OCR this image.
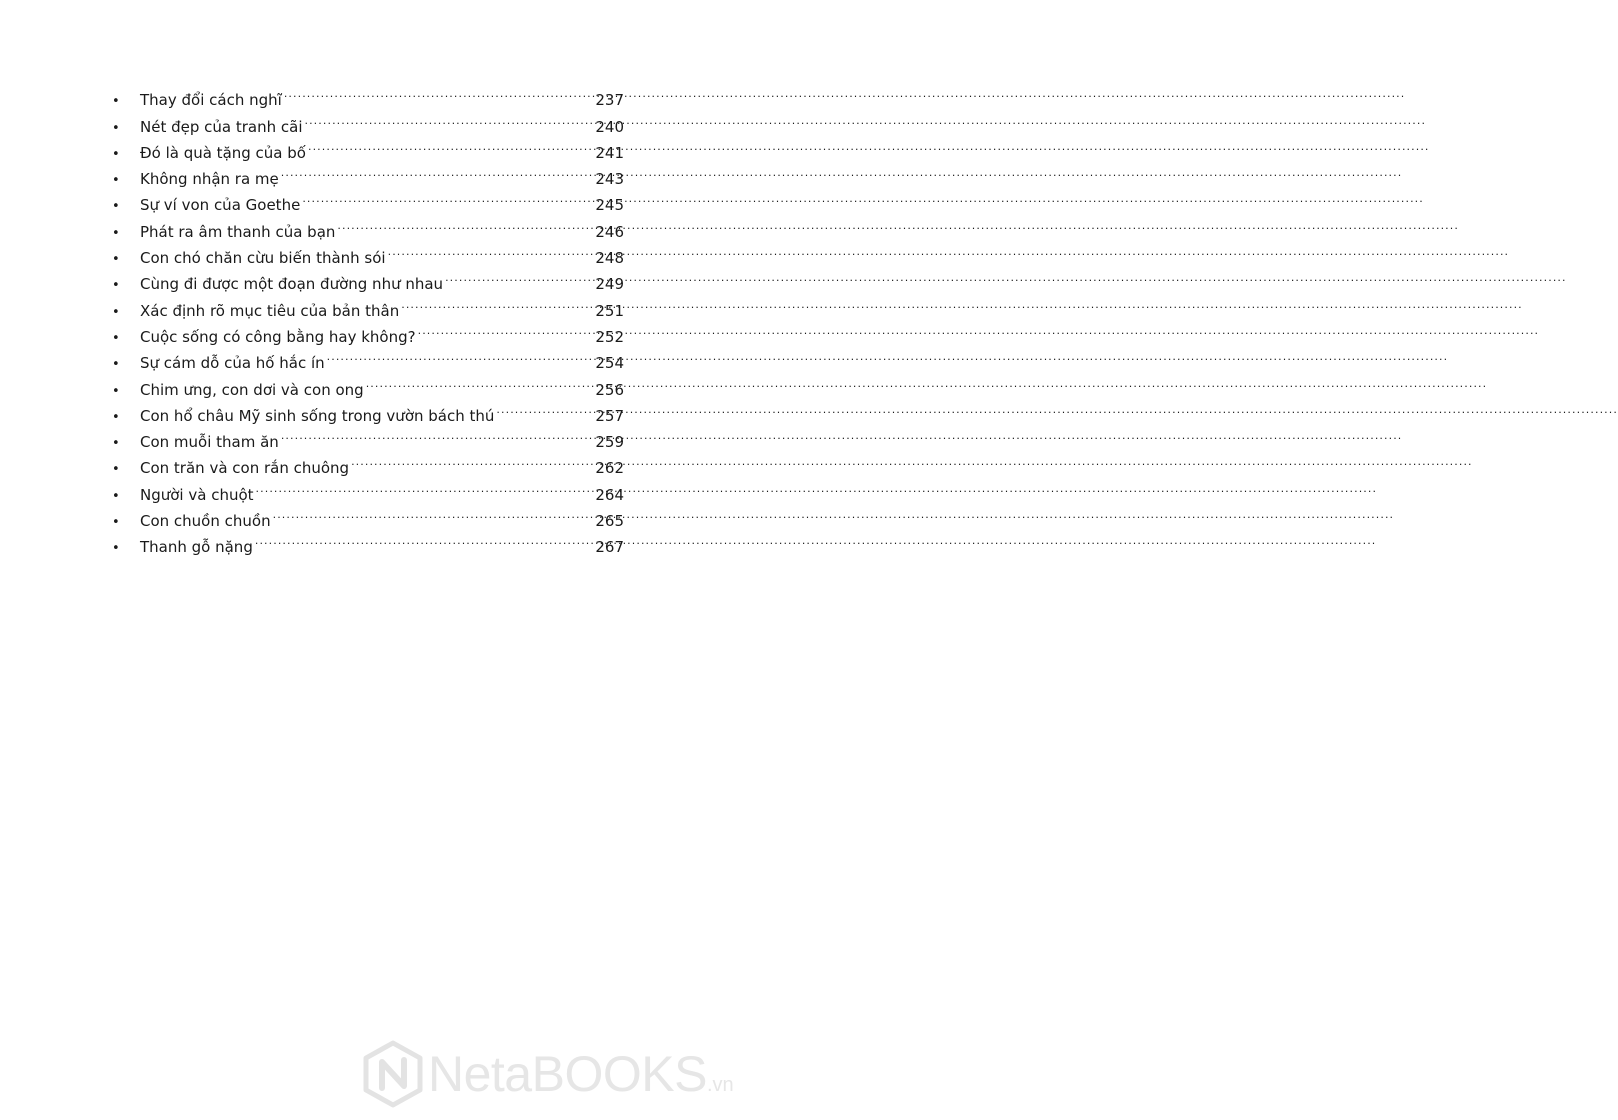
•	Thay đổi cách nghĩ .....	237
•	Nét đẹp của tranh cãi .....	240
•	Đó là quà tặng của bố .....	241
•	Không nhận ra mẹ .....	243
•	Sự ví von của Goethe .....	245
•	Phát ra âm thanh của bạn .....	246
•	Con chó chăn cừu biến thành sói .....	248
•	Cùng đi được một đoạn đường như nhau .....	249
•	Xác định rõ mục tiêu của bản thân .....	251
•	Cuộc sống có công bằng hay không? .....	252
•	Sự cám dỗ của hố hắc ín .....	254
•	Chim ưng, con dơi và con ong .....	256
•	Con hổ châu Mỹ sinh sống trong vườn bách thú .....	257
•	Con muỗi tham ăn .....	259
•	Con trăn và con rắn chuông .....	262
•	Người và chuột .....	264
•	Con chuồn chuồn .....	265
•	Thanh gỗ nặng .....	267
NetaBOOKS.vn
